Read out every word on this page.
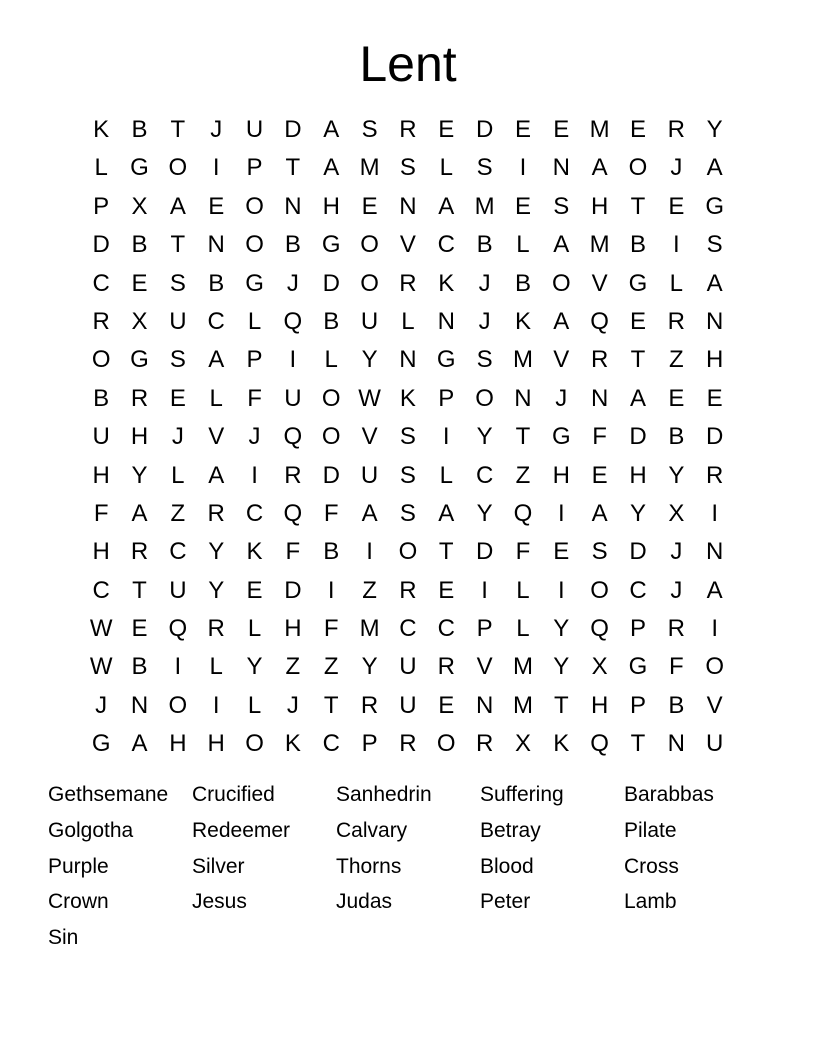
Lent
K B T	J U D A S R E D E E M E R Y
L G O	I	P T A M S L S	I	N A O J	A
P X A E O N H E N A M E S H T E G
D B T N O B G O V C B L A M B	I	S
C E S B G J D O R K	J	B O V G L A
R X U C L Q B U L N J	K A Q E R N
O G S A P	I	L Y N G S M V R T Z H
B R E L	F U O W K P O N J N A E E
U H J	V	J Q O V S	I	Y T G F D B D
H Y L A	I	R D U S L C Z H E H Y R
F A Z R C Q F A S A Y Q	I	A Y X	I
H R C Y K F B	I	O T D F E S D J N
C T U Y E D	I	Z R E	I	L	I	O C J	A
W E Q R L H F M C C P L Y Q P R	I
W B	I	L Y Z Z Y U R V M Y X G F O
J N O	I	L	J	T R U E N M T H P B V
G A H H O K C P R O R X K Q T N U
Gethsemane	Crucified	Sanhedrin	Suffering	Barabbas
Golgotha	Redeemer	Calvary	Betray	Pilate
Purple	Silver	Thorns	Blood	Cross
Crown	Jesus	Judas	Peter	Lamb
Sin
